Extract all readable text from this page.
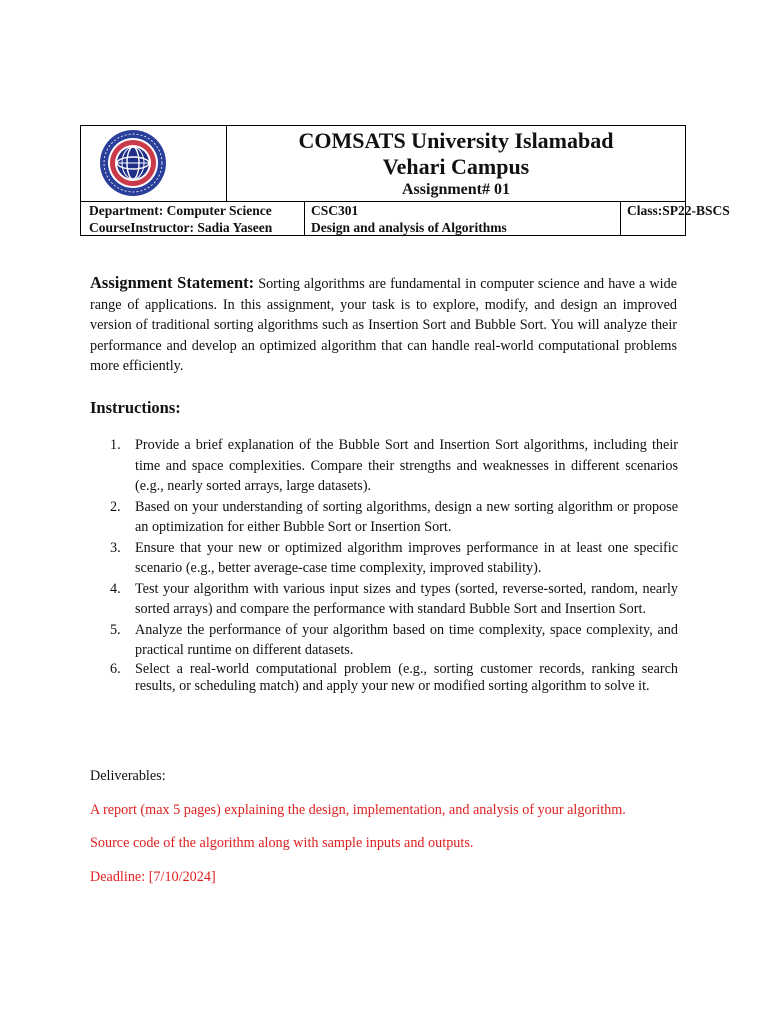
COMSATS University Islamabad
Vehari Campus
Assignment# 01
Department: Computer Science
CourseInstructor: Sadia Yaseen
CSC301
Design and analysis of Algorithms
Class:SP22-BSCS
Assignment Statement: Sorting algorithms are fundamental in computer science and have a wide range of applications. In this assignment, your task is to explore, modify, and design an improved version of traditional sorting algorithms such as Insertion Sort and Bubble Sort. You will analyze their performance and develop an optimized algorithm that can handle real-world computational problems more efficiently.
Instructions:
1. Provide a brief explanation of the Bubble Sort and Insertion Sort algorithms, including their time and space complexities. Compare their strengths and weaknesses in different scenarios (e.g., nearly sorted arrays, large datasets).
2. Based on your understanding of sorting algorithms, design a new sorting algorithm or propose an optimization for either Bubble Sort or Insertion Sort.
3. Ensure that your new or optimized algorithm improves performance in at least one specific scenario (e.g., better average-case time complexity, improved stability).
4. Test your algorithm with various input sizes and types (sorted, reverse-sorted, random, nearly sorted arrays) and compare the performance with standard Bubble Sort and Insertion Sort.
5. Analyze the performance of your algorithm based on time complexity, space complexity, and practical runtime on different datasets.
6. Select a real-world computational problem (e.g., sorting customer records, ranking search results, or scheduling match) and apply your new or modified sorting algorithm to solve it.
Deliverables:
A report (max 5 pages) explaining the design, implementation, and analysis of your algorithm.
Source code of the algorithm along with sample inputs and outputs.
Deadline: [7/10/2024]
